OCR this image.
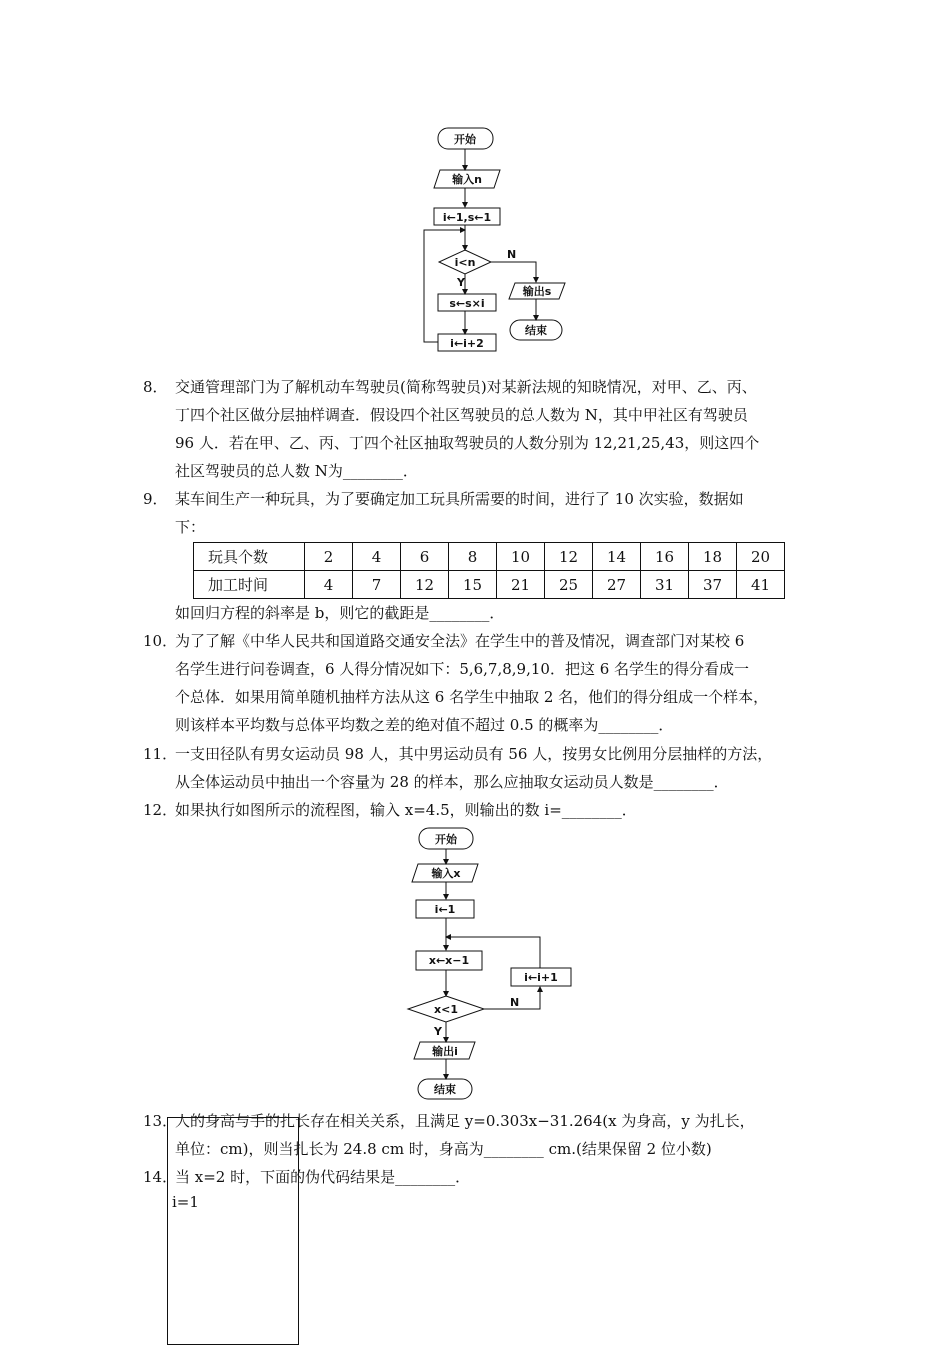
开始
输入n
i←1,s←1
i<n
Y
N
s←s×i
i←i+2
输出s
结束
8． 交通管理部门为了解机动车驾驶员(简称驾驶员)对某新法规的知晓情况，对甲、乙、丙、
丁四个社区做分层抽样调查．假设四个社区驾驶员的总人数为 N，其中甲社区有驾驶员
96 人．若在甲、乙、丙、丁四个社区抽取驾驶员的人数分别为 12,21,25,43，则这四个
社区驾驶员的总人数 N为________．
9． 某车间生产一种玩具，为了要确定加工玩具所需要的时间，进行了 10 次实验，数据如
下：
玩具个数	2	4	6	8	10	12	14	16	18	20
加工时间	4	7	12	15	21	25	27	31	37	41
如回归方程的斜率是 b，则它的截距是________．
10．
为了了解《中华人民共和国道路交通安全法》在学生中的普及情况，调查部门对某校 6
名学生进行问卷调查，6 人得分情况如下：5,6,7,8,9,10．把这 6 名学生的得分看成一
个总体．如果用简单随机抽样方法从这 6 名学生中抽取 2 名，他们的得分组成一个样本，
则该样本平均数与总体平均数之差的绝对值不超过 0.5 的概率为________．
11．
一支田径队有男女运动员 98 人，其中男运动员有 56 人，按男女比例用分层抽样的方法，
从全体运动员中抽出一个容量为 28 的样本，那么应抽取女运动员人数是________．
12．
如果执行如图所示的流程图，输入 x=4.5，则输出的数 i=________．
开始
输入x
i←1
x←x−1
i←i+1
x<1
N
Y
输出i
结束
13．
人的身高与手的扎长存在相关关系，且满足 y=0.303x−31.264(x 为身高，y 为扎长，
单位：cm)，则当扎长为 24.8 cm 时，身高为________ cm.(结果保留 2 位小数)
14．
当 x=2 时，下面的伪代码结果是________．
i=1
